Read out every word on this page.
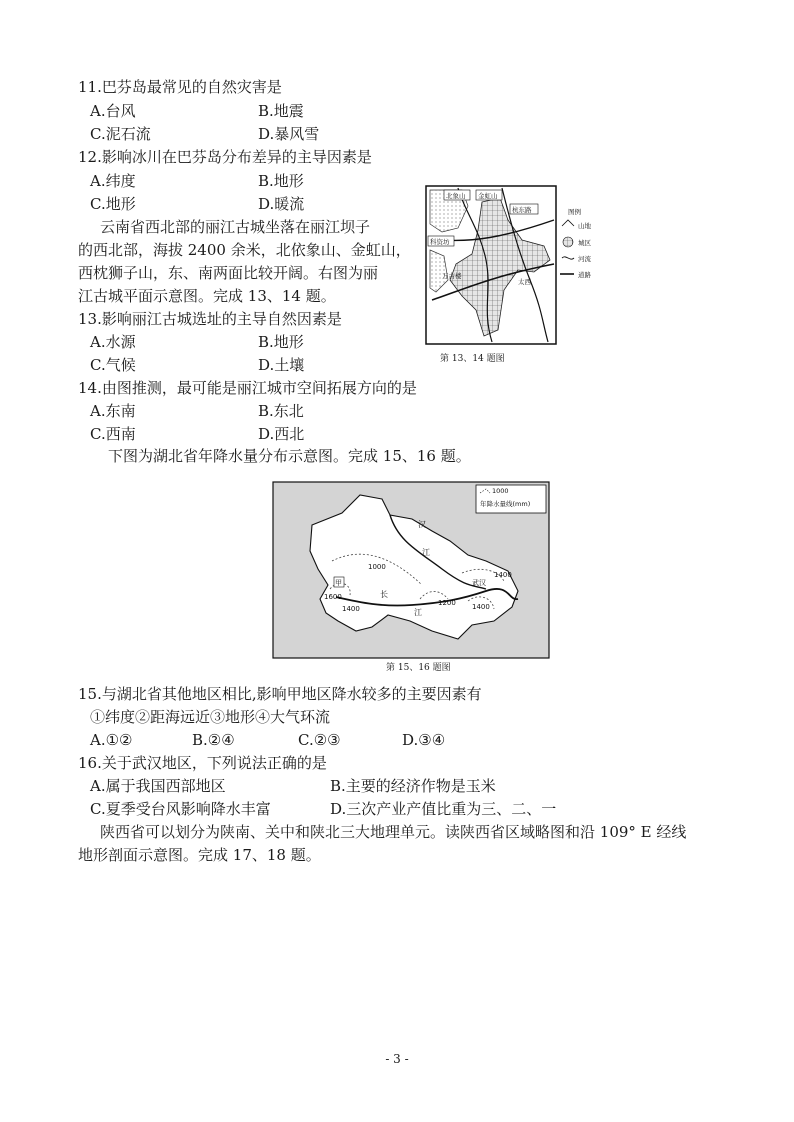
11.巴芬岛最常见的自然灾害是
A.台风	B.地震
C.泥石流	D.暴风雪
12.影响冰川在巴芬岛分布差异的主导因素是
A.纬度	B.地形
C.地形	D.暖流
云南省西北部的丽江古城坐落在丽江坝子
的西北部，海拔 2400 余米，北依象山、金虹山，
西枕狮子山，东、南两面比较开阔。右图为丽
江古城平面示意图。完成 13、14 题。
13.影响丽江古城选址的主导自然因素是
A.水源	B.地形
C.气候	D.土壤
14.由图推测，最可能是丽江城市空间拓展方向的是
A.东南	B.东北
C.西南	D.西北
北象山 金虹山
杭东路
科资坊
万古楼
太西
图例
山地
城区
河流
道路
第 13、14 题图
下图为湖北省年降水量分布示意图。完成 15、16 题。
1000
年降水量线(mm)
汉
江
1000
甲
1600
1400
长
江
1200
武汉
1400
1400
第 15、16 题图
15.与湖北省其他地区相比,影响甲地区降水较多的主要因素有
①纬度②距海远近③地形④大气环流
A.①②	B.②④	C.②③	D.③④
16.关于武汉地区，下列说法正确的是
A.属于我国西部地区	B.主要的经济作物是玉米
C.夏季受台风影响降水丰富	D.三次产业产值比重为三、二、一
陕西省可以划分为陕南、关中和陕北三大地理单元。读陕西省区域略图和沿 109° E 经线
地形剖面示意图。完成 17、18 题。
- 3 -
